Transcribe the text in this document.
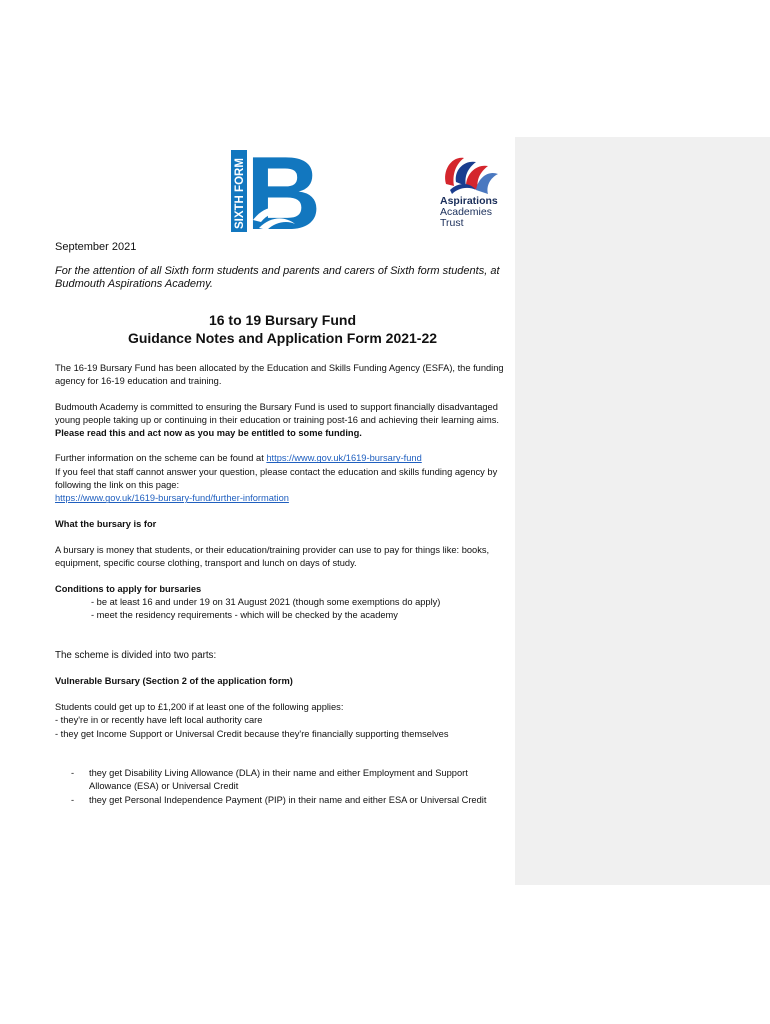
SIXTH FORM B	Aspirations
Academies
Trust
September 2021
For the attention of all Sixth form students and parents and carers of Sixth form students, at Budmouth Aspirations Academy.
16 to 19 Bursary Fund
Guidance Notes and Application Form 2021-22
The 16-19 Bursary Fund has been allocated by the Education and Skills Funding Agency (ESFA), the funding agency for 16-19 education and training.
Budmouth Academy is committed to ensuring the Bursary Fund is used to support financially disadvantaged young people taking up or continuing in their education or training post-16 and achieving their learning aims. Please read this and act now as you may be entitled to some funding.
Further information on the scheme can be found at https://www.gov.uk/1619-bursary-fund
If you feel that staff cannot answer your question, please contact the education and skills funding agency by following the link on this page:
https://www.gov.uk/1619-bursary-fund/further-information
What the bursary is for
A bursary is money that students, or their education/training provider can use to pay for things like: books, equipment, specific course clothing, transport and lunch on days of study.
Conditions to apply for bursaries
- be at least 16 and under 19 on 31 August 2021 (though some exemptions do apply)
- meet the residency requirements - which will be checked by the academy
The scheme is divided into two parts:
Vulnerable Bursary (Section 2 of the application form)
Students could get up to £1,200 if at least one of the following applies:
- they're in or recently have left local authority care
- they get Income Support or Universal Credit because they're financially supporting themselves
- they get Disability Living Allowance (DLA) in their name and either Employment and Support Allowance (ESA) or Universal Credit
- they get Personal Independence Payment (PIP) in their name and either ESA or Universal Credit
